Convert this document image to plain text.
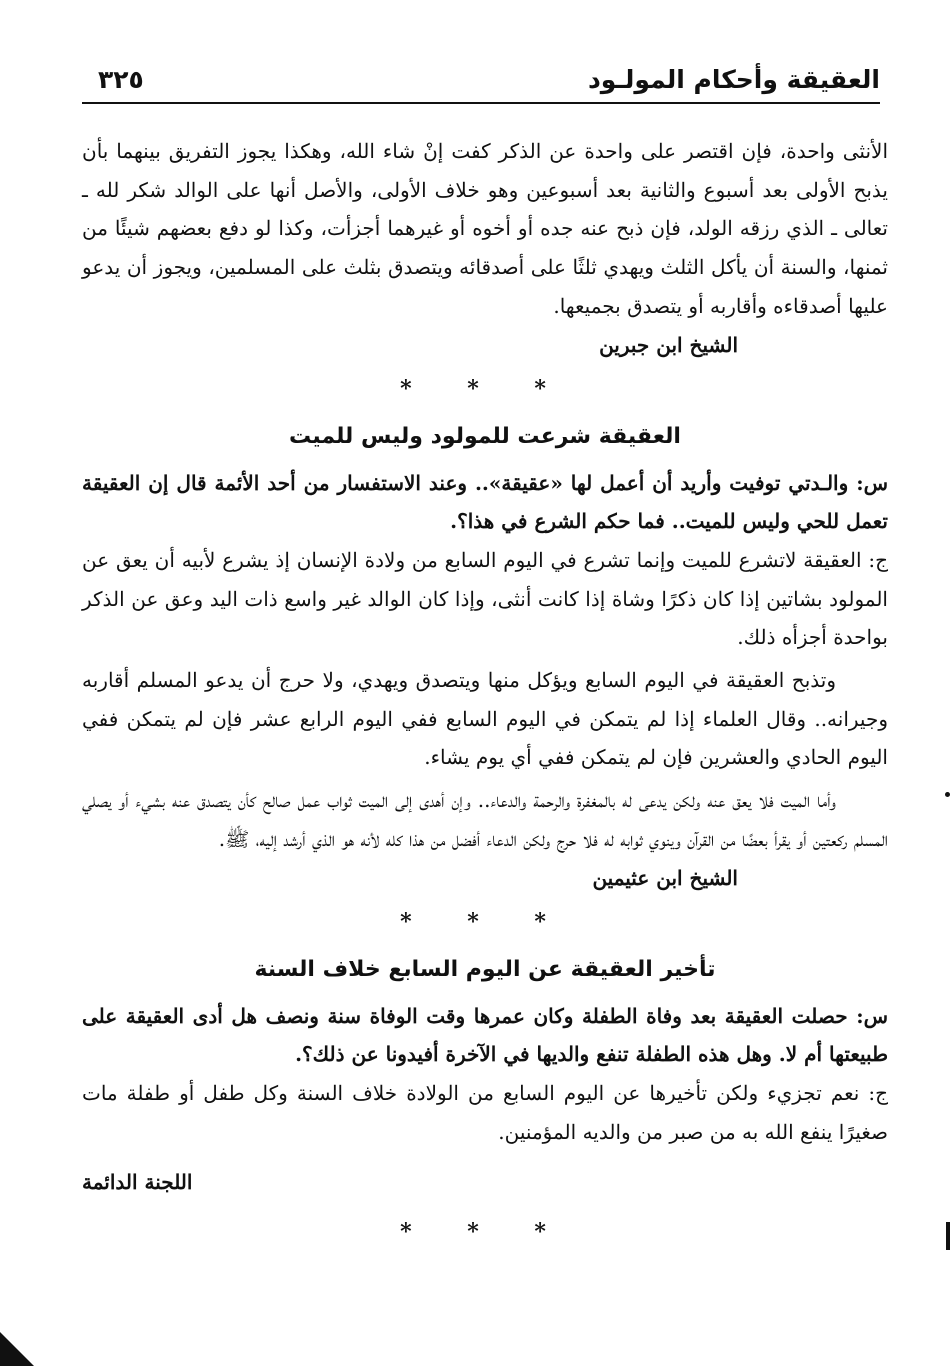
العقيقة وأحكام المولـود
٣٢٥

الأنثى واحدة، فإن اقتصر على واحدة عن الذكر كفت إنْ شاء الله، وهكذا يجوز التفريق بينهما بأن يذبح الأولى بعد أسبوع والثانية بعد أسبوعين وهو خلاف الأولى، والأصل أنها على الوالد شكر لله ـ تعالى ـ الذي رزقه الولد، فإن ذبح عنه جده أو أخوه أو غيرهما أجزأت، وكذا لو دفع بعضهم شيئًا من ثمنها، والسنة أن يأكل الثلث ويهدي ثلثًا على أصدقائه ويتصدق بثلث على المسلمين، ويجوز أن يدعو عليها أصدقاءه وأقاربه أو يتصدق بجميعها.

الشيخ ابن جبرين
* * *
العقيقة شرعت للمولود وليس للميت

س: والـدتي توفيت وأريد أن أعمل لها «عقيقة».. وعند الاستفسار من أحد الأئمة قال إن العقيقة تعمل للحي وليس للميت.. فما حكم الشرع في هذا؟.

ج: العقيقة لاتشرع للميت وإنما تشرع في اليوم السابع من ولادة الإنسان إذ يشرع لأبيه أن يعق عن المولود بشاتين إذا كان ذكرًا وشاة إذا كانت أنثى، وإذا كان الوالد غير واسع ذات اليد وعق عن الذكر بواحدة أجزأه ذلك.

وتذبح العقيقة في اليوم السابع ويؤكل منها ويتصدق ويهدي، ولا حرج أن يدعو المسلم أقاربه وجيرانه.. وقال العلماء إذا لم يتمكن في اليوم السابع ففي اليوم الرابع عشر فإن لم يتمكن ففي اليوم الحادي والعشرين فإن لم يتمكن ففي أي يوم يشاء.

وأما الميت فلا يعق عنه ولكن يدعى له بالمغفرة والرحمة والدعاء.. وإن أهدى إلى الميت ثواب عمل صالح كأن يتصدق عنه بشيء أو يصلي المسلم ركعتين أو يقرأ بعضًا من القرآن وينوي ثوابه له فلا حرج ولكن الدعاء أفضل من هذا كله لأنه هو الذي أرشد إليه، ﷺ.

الشيخ ابن عثيمين
* * *
تأخير العقيقة عن اليوم السابع خلاف السنة

س: حصلت العقيقة بعد وفاة الطفلة وكان عمرها وقت الوفاة سنة ونصف هل أدى العقيقة على طبيعتها أم لا. وهل هذه الطفلة تنفع والديها في الآخرة أفيدونا عن ذلك؟.

ج: نعم تجزيء ولكن تأخيرها عن اليوم السابع من الولادة خلاف السنة وكل طفل أو طفلة مات صغيرًا ينفع الله به من صبر من والديه المؤمنين.

اللجنة الدائمة
* * *
